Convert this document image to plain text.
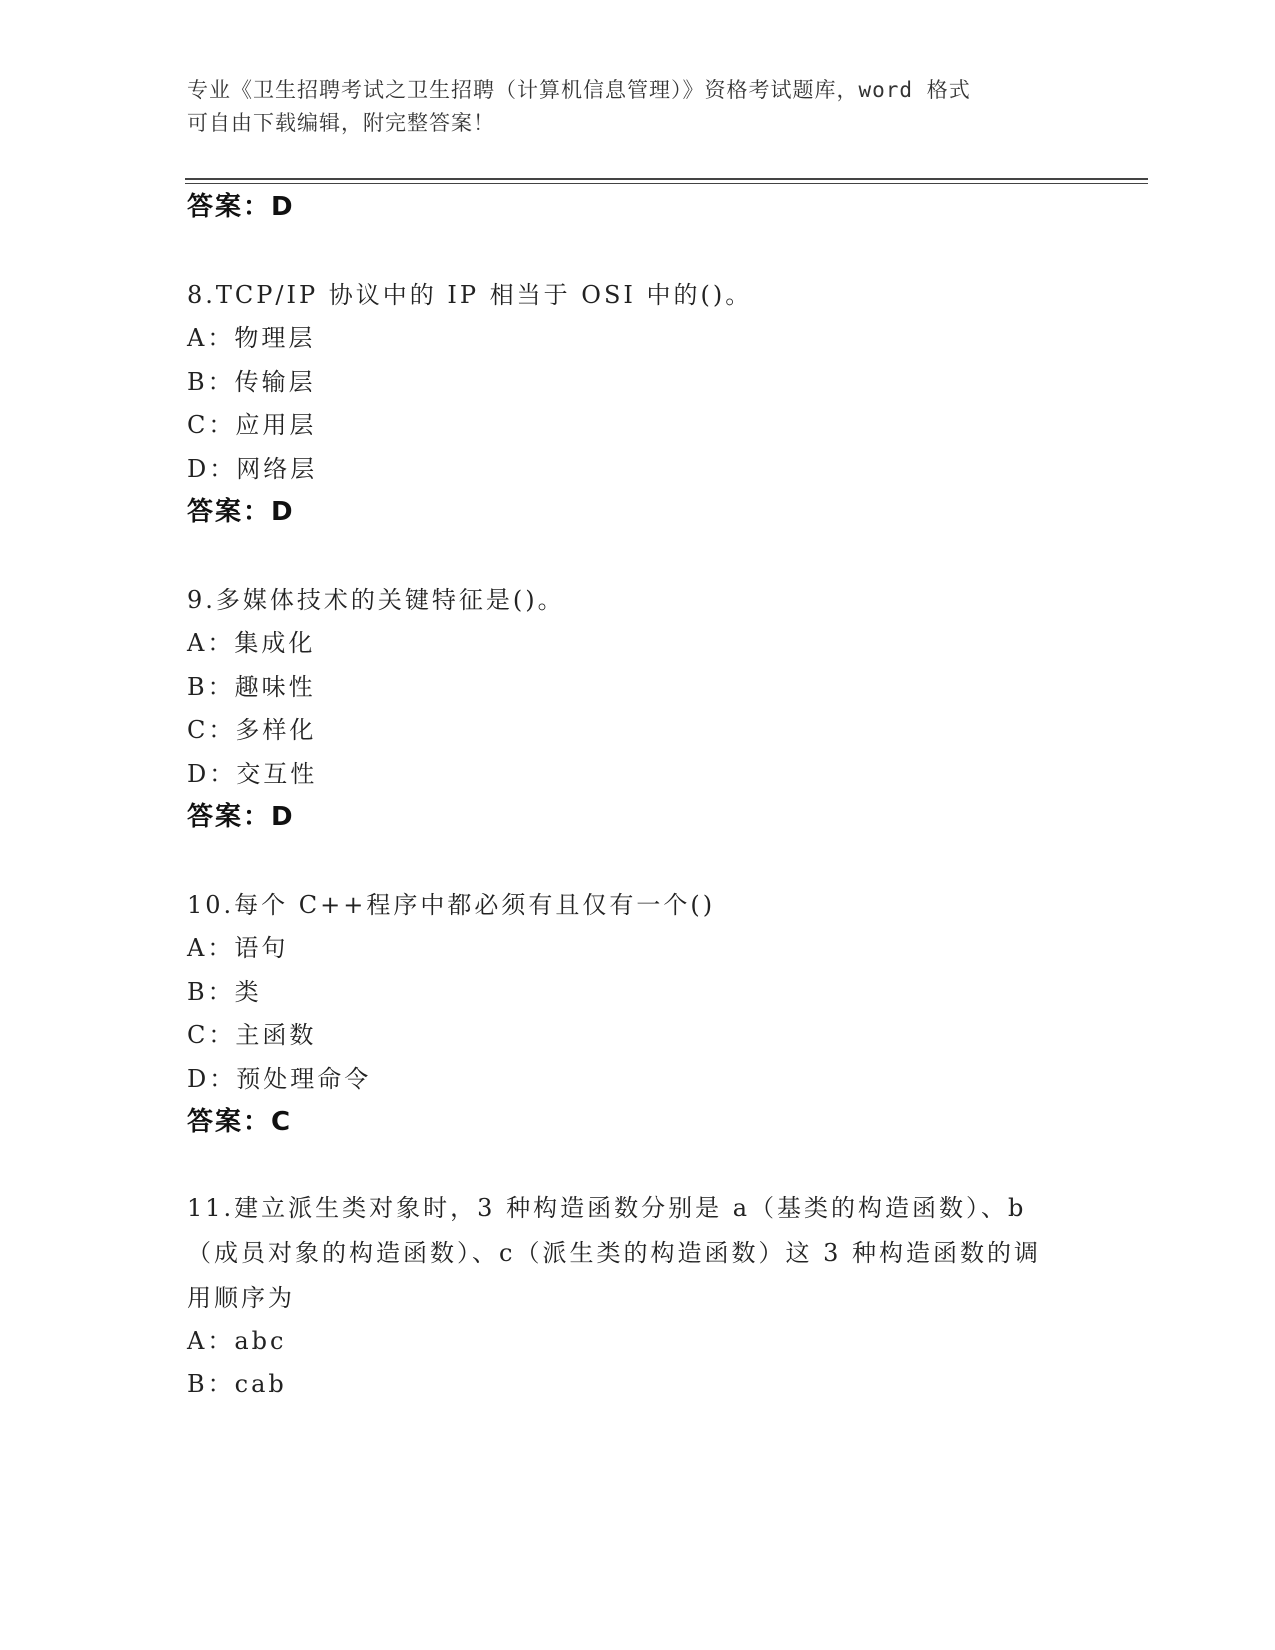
专业《卫生招聘考试之卫生招聘（计算机信息管理）》资格考试题库，word 格式
可自由下载编辑，附完整答案！
答案：D
8.TCP/IP 协议中的 IP 相当于 OSI 中的()。
A：物理层
B：传输层
C：应用层
D：网络层
答案：D
9.多媒体技术的关键特征是()。
A：集成化
B：趣味性
C：多样化
D：交互性
答案：D
10.每个 C++程序中都必须有且仅有一个()
A：语句
B：类
C：主函数
D：预处理命令
答案：C
11.建立派生类对象时，3 种构造函数分别是 a（基类的构造函数）、b（成员对象的构造函数）、c（派生类的构造函数）这 3 种构造函数的调用顺序为
A：abc
B：cab
